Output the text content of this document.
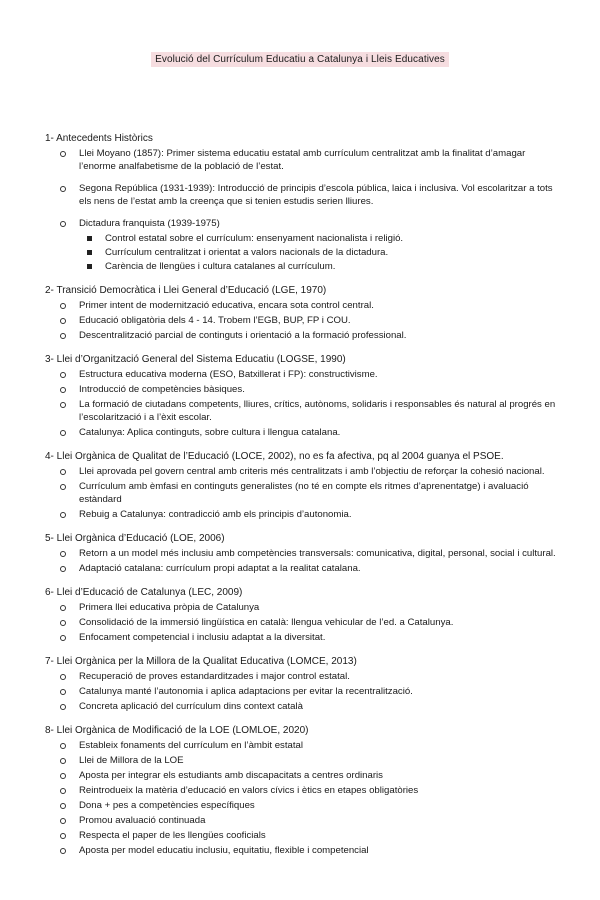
Evolució del Currículum Educatiu a Catalunya i Lleis Educatives
1- Antecedents Històrics
Llei Moyano (1857): Primer sistema educatiu estatal amb currículum centralitzat amb la finalitat d’amagar l’enorme analfabetisme de la població de l’estat.
Segona República (1931-1939): Introducció de principis d’escola pública, laica i inclusiva. Vol escolaritzar a tots els nens de l’estat amb la creença que si tenien estudis serien lliures.
Dictadura franquista (1939-1975)
Control estatal sobre el currículum: ensenyament nacionalista i religió.
Currículum centralitzat i orientat a valors nacionals de la dictadura.
Carència de llengües i cultura catalanes al currículum.
2- Transició Democràtica i Llei General d’Educació (LGE, 1970)
Primer intent de modernització educativa, encara sota control central.
Educació obligatòria dels 4 - 14. Trobem l’EGB, BUP, FP i COU.
Descentralització parcial de continguts i orientació a la formació professional.
3- Llei d’Organització General del Sistema Educatiu (LOGSE, 1990)
Estructura educativa moderna (ESO, Batxillerat i FP): constructivisme.
Introducció de competències bàsiques.
La formació de ciutadans competents, lliures, crítics, autònoms, solidaris i responsables és natural al progrés en l’escolarització i a l’èxit escolar.
Catalunya: Aplica continguts, sobre cultura i llengua catalana.
4- Llei Orgànica de Qualitat de l’Educació (LOCE, 2002), no es fa afectiva, pq al 2004 guanya el PSOE.
Llei aprovada pel govern central amb criteris més centralitzats i amb l’objectiu de reforçar la cohesió nacional.
Currículum amb èmfasi en continguts generalistes (no té en compte els ritmes d’aprenentatge) i avaluació estàndard
Rebuig a Catalunya: contradicció amb els principis d’autonomia.
5- Llei Orgànica d’Educació (LOE, 2006)
Retorn a un model més inclusiu amb competències transversals: comunicativa, digital, personal, social i cultural.
Adaptació catalana: currículum propi adaptat a la realitat catalana.
6- Llei d’Educació de Catalunya (LEC, 2009)
Primera llei educativa pròpia de Catalunya
Consolidació de la immersió lingüística en català: llengua vehicular de l’ed. a Catalunya.
Enfocament competencial i inclusiu adaptat a la diversitat.
7- Llei Orgànica per la Millora de la Qualitat Educativa (LOMCE, 2013)
Recuperació de proves estandarditzades i major control estatal.
Catalunya manté l’autonomia i aplica adaptacions per evitar la recentralització.
Concreta aplicació del currículum dins context català
8- Llei Orgànica de Modificació de la LOE (LOMLOE, 2020)
Estableix fonaments del currículum en l’àmbit estatal
Llei de Millora de la LOE
Aposta per integrar els estudiants amb discapacitats a centres ordinaris
Reintrodueix la matèria d’educació en valors cívics i ètics en etapes obligatòries
Dona + pes a competències específiques
Promou avaluació continuada
Respecta el paper de les llengües cooficials
Aposta per model educatiu inclusiu, equitatiu, flexible i competencial
